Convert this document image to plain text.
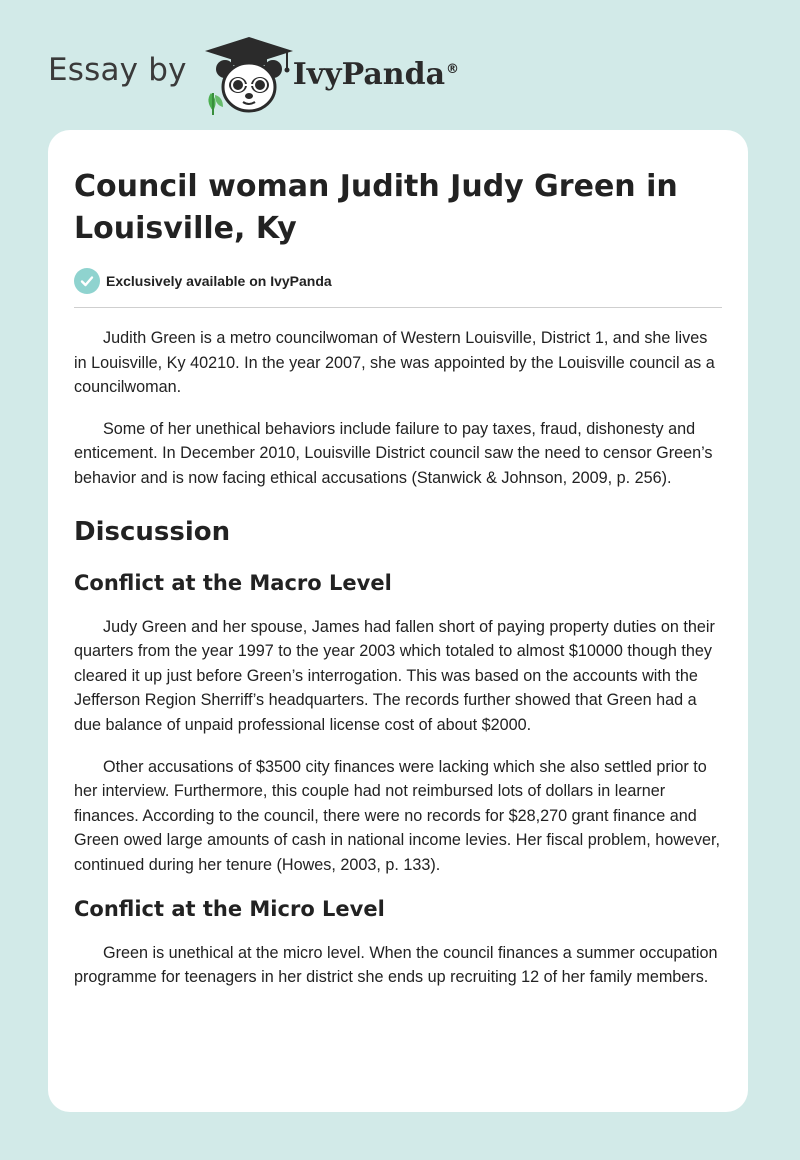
Essay by	IvyPanda®
Council woman Judith Judy Green in Louisville, Ky
Exclusively available on IvyPanda

Judith Green is a metro councilwoman of Western Louisville, District 1, and she lives in Louisville, Ky 40210. In the year 2007, she was appointed by the Louisville council as a councilwoman.

Some of her unethical behaviors include failure to pay taxes, fraud, dishonesty and enticement. In December 2010, Louisville District council saw the need to censor Green’s behavior and is now facing ethical accusations (Stanwick & Johnson, 2009, p. 256).

Discussion
Conflict at the Macro Level

Judy Green and her spouse, James had fallen short of paying property duties on their quarters from the year 1997 to the year 2003 which totaled to almost $10000 though they cleared it up just before Green’s interrogation. This was based on the accounts with the Jefferson Region Sherriff’s headquarters. The records further showed that Green had a due balance of unpaid professional license cost of about $2000.

Other accusations of $3500 city finances were lacking which she also settled prior to her interview. Furthermore, this couple had not reimbursed lots of dollars in learner finances. According to the council, there were no records for $28,270 grant finance and Green owed large amounts of cash in national income levies. Her fiscal problem, however, continued during her tenure (Howes, 2003, p. 133).

Conflict at the Micro Level

Green is unethical at the micro level. When the council finances a summer occupation programme for teenagers in her district she ends up recruiting 12 of her family members.
